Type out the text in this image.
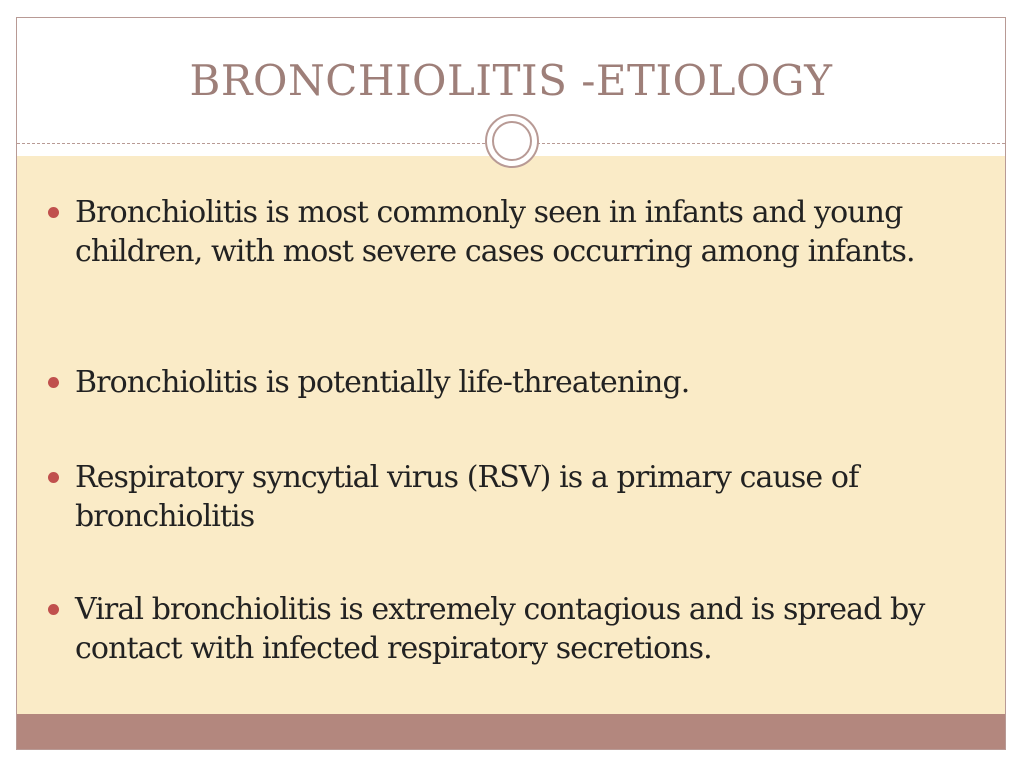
BRONCHIOLITIS -ETIOLOGY
Bronchiolitis is most commonly seen in infants and young children, with most severe cases occurring among infants.
Bronchiolitis is potentially life-threatening.
Respiratory syncytial virus (RSV) is a primary cause of bronchiolitis
Viral bronchiolitis is extremely contagious and is spread by contact with infected respiratory secretions.
